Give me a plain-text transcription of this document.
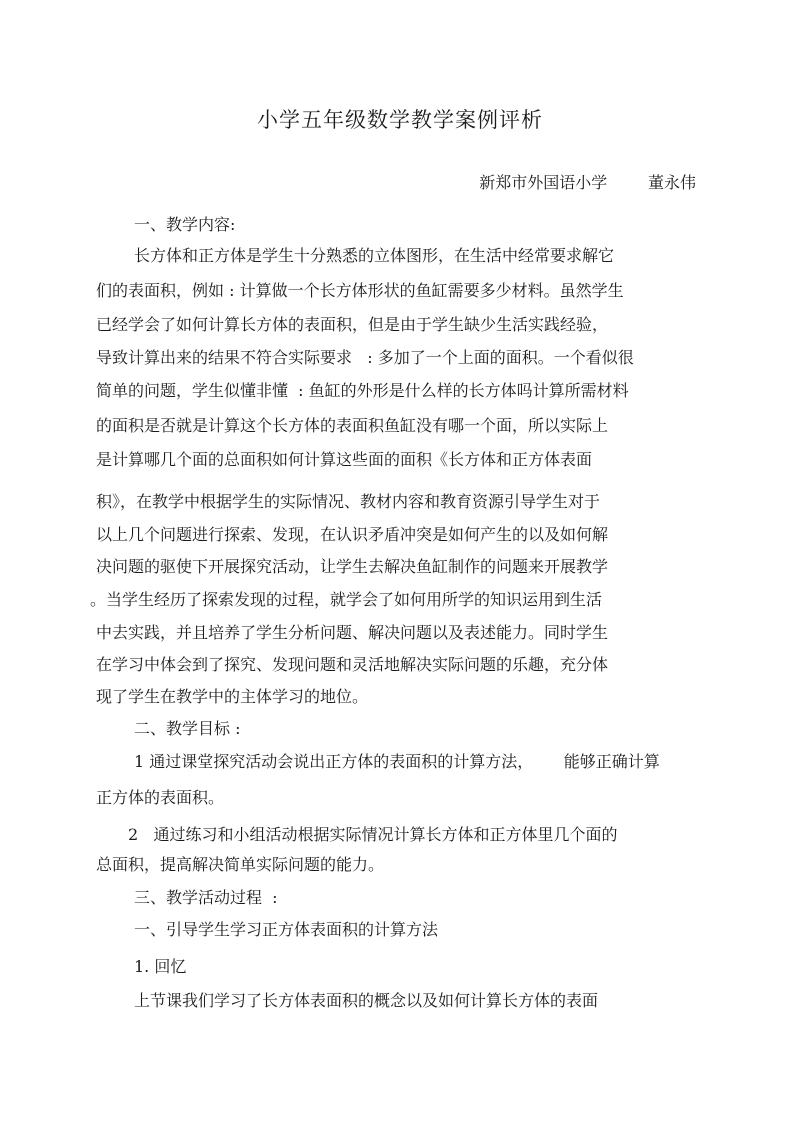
小学五年级数学教学案例评析
新郑市外国语小学        董永伟
一、教学内容:
长方体和正方体是学生十分熟悉的立体图形，在生活中经常要求解它
们的表面积，例如 : 计算做一个长方体形状的鱼缸需要多少材料。虽然学生
已经学会了如何计算长方体的表面积，但是由于学生缺少生活实践经验，
导致计算出来的结果不符合实际要求   : 多加了一个上面的面积。一个看似很
简单的问题，学生似懂非懂  : 鱼缸的外形是什么样的长方体吗计算所需材料
的面积是否就是计算这个长方体的表面积鱼缸没有哪一个面，所以实际上
是计算哪几个面的总面积如何计算这些面的面积《长方体和正方体表面
积》，在教学中根据学生的实际情况、教材内容和教育资源引导学生对于
以上几个问题进行探索、发现，在认识矛盾冲突是如何产生的以及如何解
决问题的驱使下开展探究活动，让学生去解决鱼缸制作的问题来开展教学
。当学生经历了探索发现的过程，就学会了如何用所学的知识运用到生活
中去实践，并且培养了学生分析问题、解决问题以及表述能力。同时学生
在学习中体会到了探究、发现问题和灵活地解决实际问题的乐趣，充分体
现了学生在教学中的主体学习的地位。
二、教学目标 :
1 通过课堂探究活动会说出正方体的表面积的计算方法，      能够正确计算
正方体的表面积。
2   通过练习和小组活动根据实际情况计算长方体和正方体里几个面的
总面积，提高解决简单实际问题的能力。
三、教学活动过程  :
一、引导学生学习正方体表面积的计算方法
1. 回忆
上节课我们学习了长方体表面积的概念以及如何计算长方体的表面
